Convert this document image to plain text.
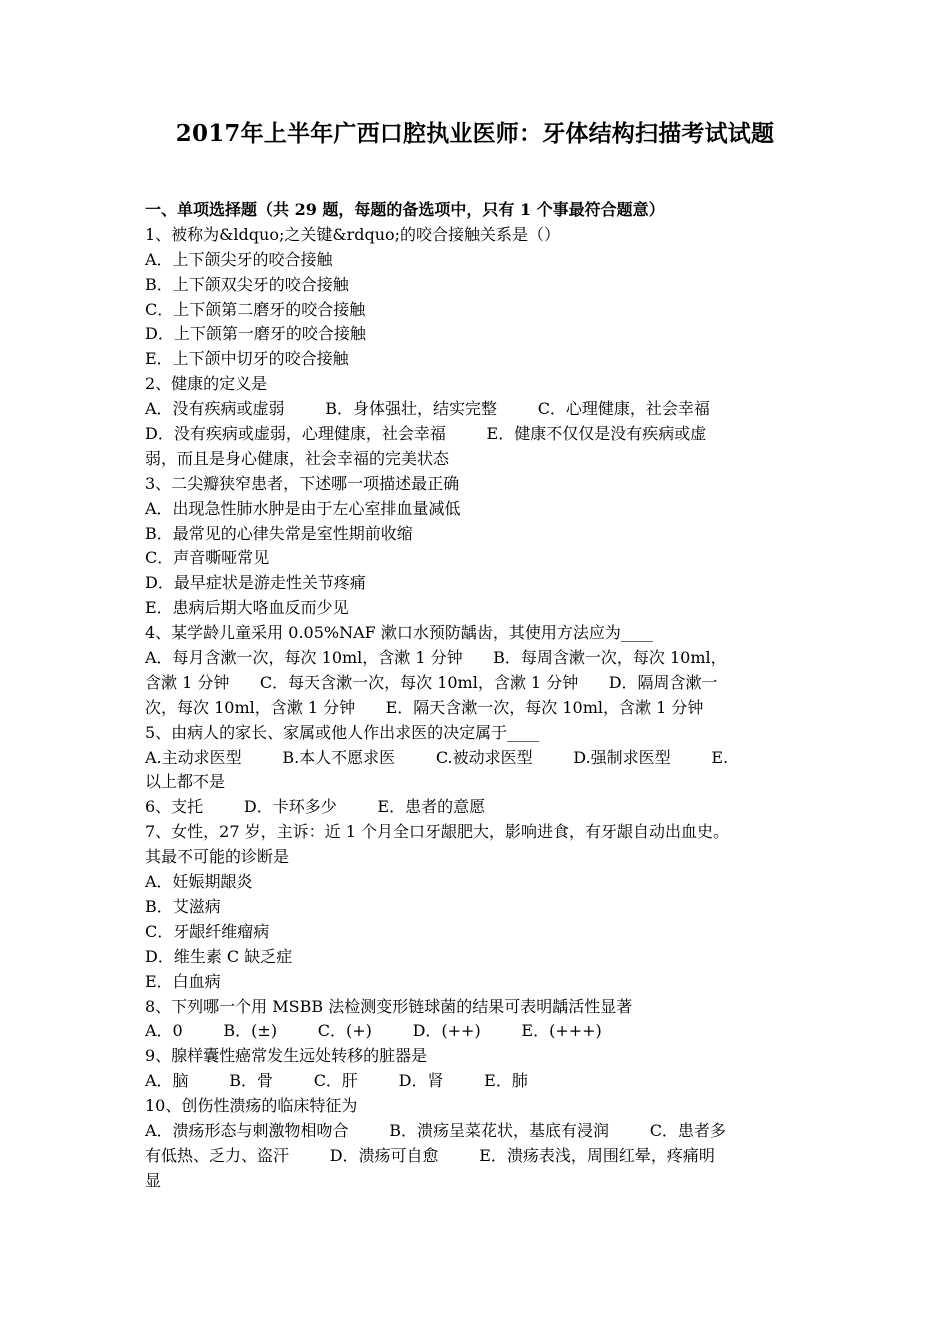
2017年上半年广西口腔执业医师：牙体结构扫描考试试题
一、单项选择题（共 29 题，每题的备选项中，只有 1 个事最符合题意）
1、被称为&ldquo;之关键&rdquo;的咬合接触关系是（）
A．上下颌尖牙的咬合接触
B．上下颌双尖牙的咬合接触
C．上下颌第二磨牙的咬合接触
D．上下颌第一磨牙的咬合接触
E．上下颌中切牙的咬合接触
2、健康的定义是
A．没有疾病或虚弱        B．身体强壮，结实完整        C．心理健康，社会幸福
D．没有疾病或虚弱，心理健康，社会幸福        E．健康不仅仅是没有疾病或虚
弱，而且是身心健康，社会幸福的完美状态
3、二尖瓣狭窄患者，下述哪一项描述最正确
A．出现急性肺水肿是由于左心室排血量减低
B．最常见的心律失常是室性期前收缩
C．声音嘶哑常见
D．最早症状是游走性关节疼痛
E．患病后期大咯血反而少见
4、某学龄儿童采用 0.05%NAF 漱口水预防龋齿，其使用方法应为____
A．每月含漱一次，每次 10ml，含漱 1 分钟      B．每周含漱一次，每次 10ml，
含漱 1 分钟      C．每天含漱一次，每次 10ml，含漱 1 分钟      D．隔周含漱一
次，每次 10ml，含漱 1 分钟      E．隔天含漱一次，每次 10ml，含漱 1 分钟
5、由病人的家长、家属或他人作出求医的决定属于____
A.主动求医型        B.本人不愿求医        C.被动求医型        D.强制求医型        E.
以上都不是
6、支托        D．卡环多少        E．患者的意愿
7、女性，27 岁，主诉：近 1 个月全口牙龈肥大，影响进食，有牙龈自动出血史。
其最不可能的诊断是
A．妊娠期龈炎
B．艾滋病
C．牙龈纤维瘤病
D．维生素 C 缺乏症
E．白血病
8、下列哪一个用 MSBB 法检测变形链球菌的结果可表明龋活性显著
A．0        B．(±)        C．(+)        D．(++)        E．(+++)
9、腺样囊性癌常发生远处转移的脏器是
A．脑        B．骨        C．肝        D．肾        E．肺
10、创伤性溃疡的临床特征为
A．溃疡形态与刺激物相吻合        B．溃疡呈菜花状，基底有浸润        C．患者多
有低热、乏力、盗汗        D．溃疡可自愈        E．溃疡表浅，周围红晕，疼痛明
显
